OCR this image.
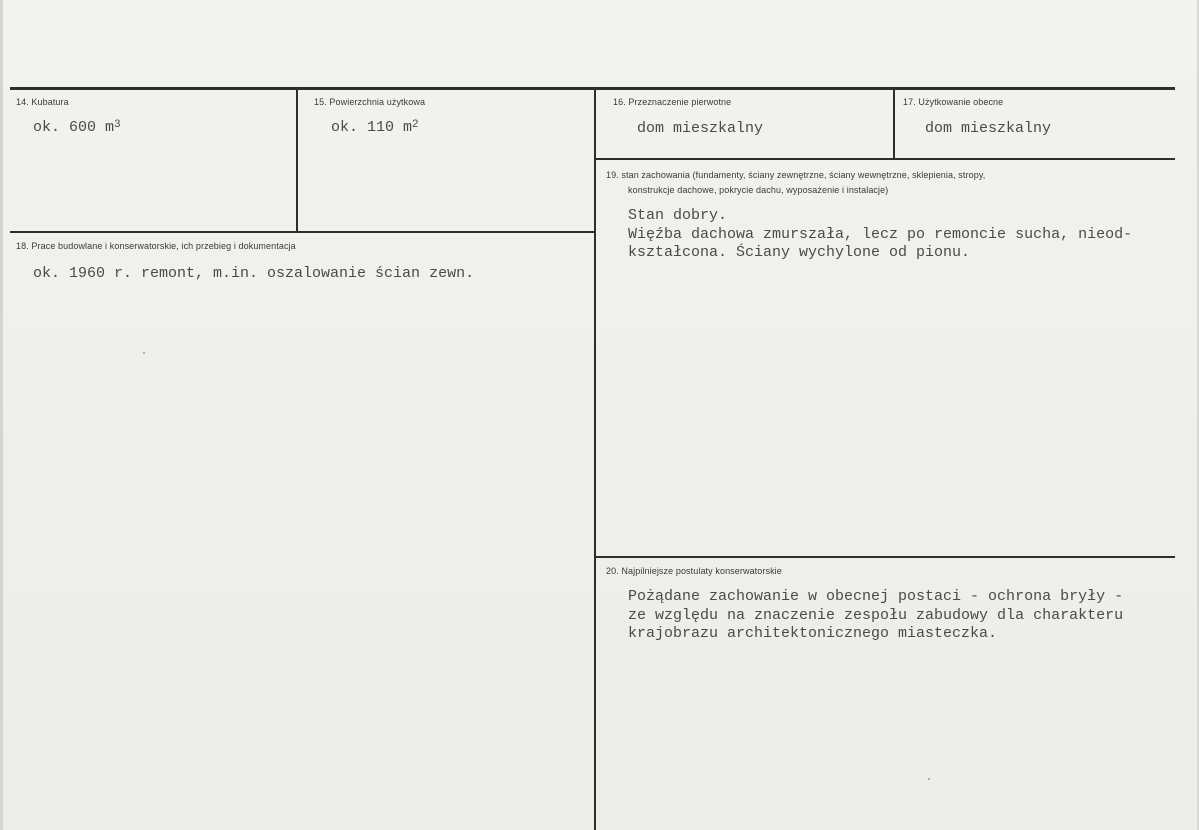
14. Kubatura
ok. 600 $m^3$
15. Powierzchnia użytkowa
ok. 110 $m^2$
16. Przeznaczenie pierwotne
dom mieszkalny
17. Użytkowanie obecne
dom mieszkalny
19. stan zachowania (fundamenty, ściany zewnętrzne, ściany wewnętrzne, sklepienia, stropy,
konstrukcje dachowe, pokrycie dachu, wyposażenie i instalacje)
Stan dobry.
Więźba dachowa zmurszała, lecz po remoncie sucha, nieod-
kształcona. Ściany wychylone od pionu.
18. Prace budowlane i konserwatorskie, ich przebieg i dokumentacja
ok. 1960 r. remont, m.in. oszalowanie ścian zewn.
20. Najpilniejsze postulaty konserwatorskie
Pożądane zachowanie w obecnej postaci - ochrona bryły -
ze względu na znaczenie zespołu zabudowy dla charakteru
krajobrazu architektonicznego miasteczka.
